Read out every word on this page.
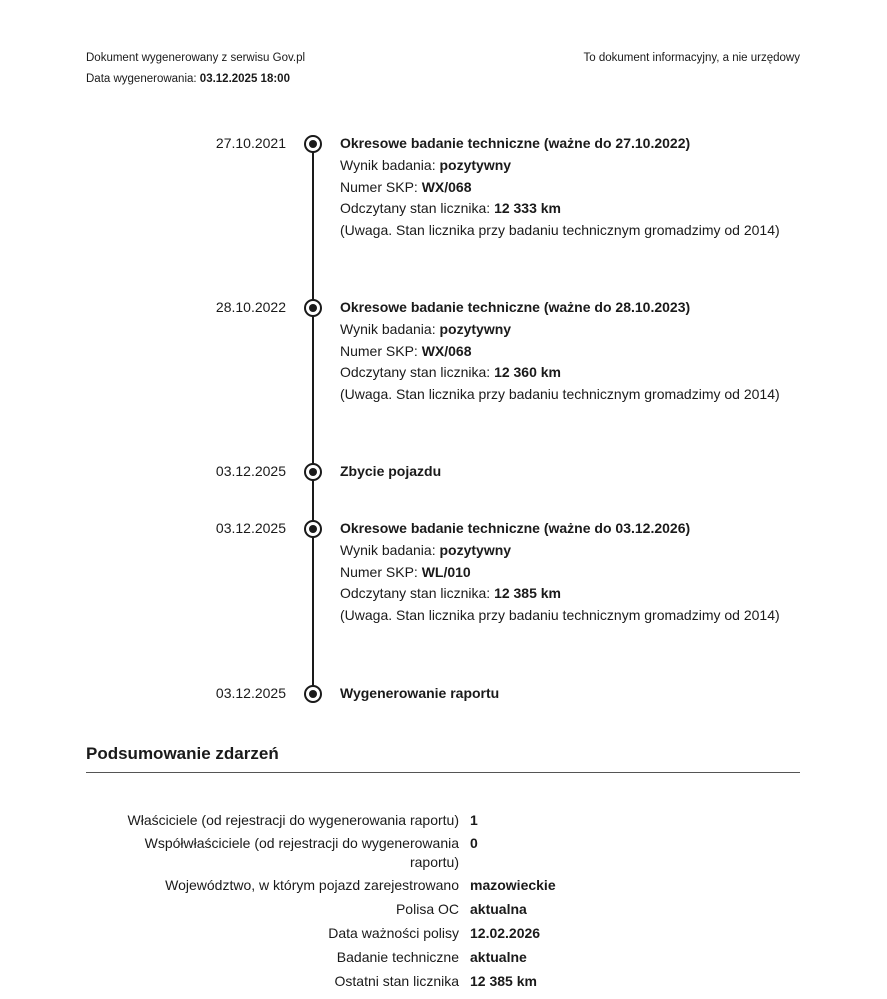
Dokument wygenerowany z serwisu Gov.pl
Data wygenerowania: 03.12.2025 18:00
To dokument informacyjny, a nie urzędowy
27.10.2021	Okresowe badanie techniczne (ważne do 27.10.2022)
Wynik badania: pozytywny
Numer SKP: WX/068
Odczytany stan licznika: 12 333 km
(Uwaga. Stan licznika przy badaniu technicznym gromadzimy od 2014)
28.10.2022	Okresowe badanie techniczne (ważne do 28.10.2023)
Wynik badania: pozytywny
Numer SKP: WX/068
Odczytany stan licznika: 12 360 km
(Uwaga. Stan licznika przy badaniu technicznym gromadzimy od 2014)
03.12.2025	Zbycie pojazdu
03.12.2025	Okresowe badanie techniczne (ważne do 03.12.2026)
Wynik badania: pozytywny
Numer SKP: WL/010
Odczytany stan licznika: 12 385 km
(Uwaga. Stan licznika przy badaniu technicznym gromadzimy od 2014)
03.12.2025	Wygenerowanie raportu
Podsumowanie zdarzeń
Właściciele (od rejestracji do wygenerowania raportu) 1
Współwłaściciele (od rejestracji do wygenerowania raportu)
0
Województwo, w którym pojazd zarejestrowano mazowieckie
Polisa OC aktualna
Data ważności polisy 12.02.2026
Badanie techniczne aktualne
Ostatni stan licznika 12 385 km
